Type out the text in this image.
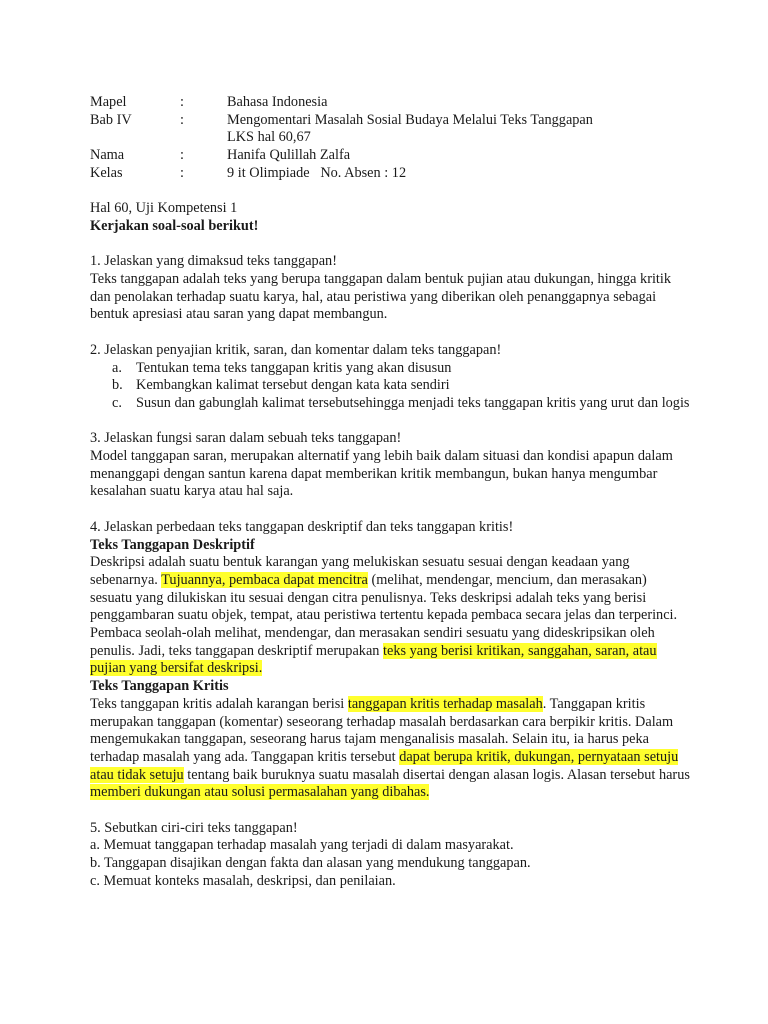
Mapel	:	Bahasa Indonesia
Bab IV	:	Mengomentari Masalah Sosial Budaya Melalui Teks Tanggapan
LKS hal 60,67
Nama	:	Hanifa Qulillah Zalfa
Kelas	:	9 it Olimpiade   No. Absen : 12

Hal 60, Uji Kompetensi 1

Kerjakan soal-soal berikut!

1. Jelaskan yang dimaksud teks tanggapan!

Teks tanggapan adalah teks yang berupa tanggapan dalam bentuk pujian atau dukungan, hingga kritik dan penolakan terhadap suatu karya, hal, atau peristiwa yang diberikan oleh penanggapnya sebagai bentuk apresiasi atau saran yang dapat membangun.

2. Jelaskan penyajian kritik, saran, dan komentar dalam teks tanggapan!

a. Tentukan tema teks tanggapan kritis yang akan disusun
b. Kembangkan kalimat tersebut dengan kata kata sendiri
c. Susun dan gabunglah kalimat tersebutsehingga menjadi teks tanggapan kritis yang urut dan logis

3. Jelaskan fungsi saran dalam sebuah teks tanggapan!

Model tanggapan saran, merupakan alternatif yang lebih baik dalam situasi dan kondisi apapun dalam menanggapi dengan santun karena dapat memberikan kritik membangun, bukan hanya mengumbar kesalahan suatu karya atau hal saja.

4. Jelaskan perbedaan teks tanggapan deskriptif dan teks tanggapan kritis!

Teks Tanggapan Deskriptif

Deskripsi adalah suatu bentuk karangan yang melukiskan sesuatu sesuai dengan keadaan yang sebenarnya. Tujuannya, pembaca dapat mencitra (melihat, mendengar, mencium, dan merasakan) sesuatu yang dilukiskan itu sesuai dengan citra penulisnya. Teks deskripsi adalah teks yang berisi penggambaran suatu objek, tempat, atau peristiwa tertentu kepada pembaca secara jelas dan terperinci. Pembaca seolah-olah melihat, mendengar, dan merasakan sendiri sesuatu yang dideskripsikan oleh penulis. Jadi, teks tanggapan deskriptif merupakan teks yang berisi kritikan, sanggahan, saran, atau pujian yang bersifat deskripsi.

Teks Tanggapan Kritis

Teks tanggapan kritis adalah karangan berisi tanggapan kritis terhadap masalah. Tanggapan kritis merupakan tanggapan (komentar) seseorang terhadap masalah berdasarkan cara berpikir kritis. Dalam mengemukakan tanggapan, seseorang harus tajam menganalisis masalah. Selain itu, ia harus peka terhadap masalah yang ada. Tanggapan kritis tersebut dapat berupa kritik, dukungan, pernyataan setuju atau tidak setuju tentang baik buruknya suatu masalah disertai dengan alasan logis. Alasan tersebut harus memberi dukungan atau solusi permasalahan yang dibahas.

5. Sebutkan ciri-ciri teks tanggapan!

a. Memuat tanggapan terhadap masalah yang terjadi di dalam masyarakat.

b. Tanggapan disajikan dengan fakta dan alasan yang mendukung tanggapan.

c. Memuat konteks masalah, deskripsi, dan penilaian.
